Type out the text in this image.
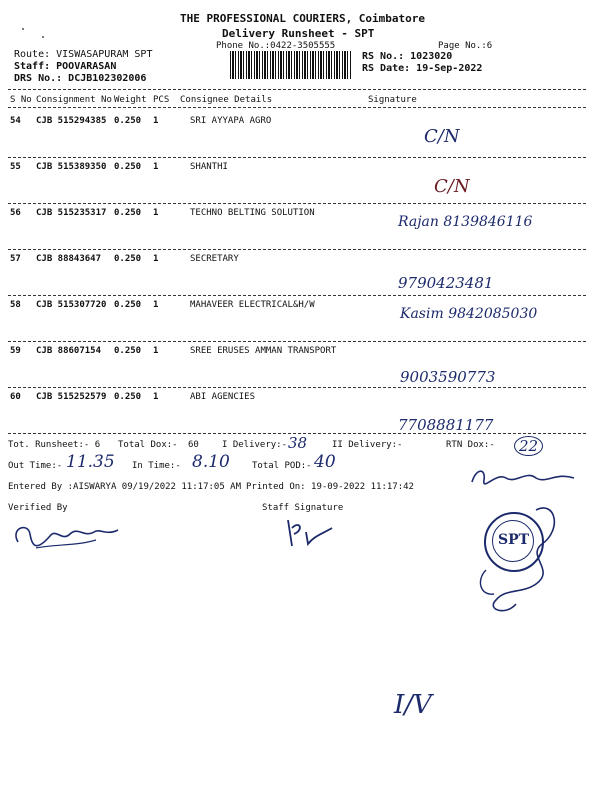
THE PROFESSIONAL COURIERS, Coimbatore
Delivery Runsheet - SPT
Phone No.:0422-3505555	Page No.:6
Route: VISWASAPURAM SPT
Staff: POOVARASAN
DRS No.: DCJB102302006
RS No.: 1023020
RS Date: 19-Sep-2022
S No Consignment No Weight PCS Consignee Details	Signature
54 CJB 515294385 0.250 1	SRI AYYAPA AGRO
C/N
55 CJB 515389350 0.250 1	SHANTHI
C/N
56 CJB 515235317 0.250 1	TECHNO BELTING SOLUTION
Rajan 8139846116
57 CJB 88843647 0.250 1	SECRETARY
9790423481
58 CJB 515307720 0.250 1	MAHAVEER ELECTRICAL&H/W
Kasim 9842085030
59 CJB 88607154 0.250 1	SREE ERUSES AMMAN TRANSPORT
9003590773
60 CJB 515252579 0.250 1	ABI AGENCIES
7708881177
Tot. Runsheet:- 6 Total Dox:- 60	I Delivery:- 38	II Delivery:-	RTN Dox:-	22
Out Time:- 11.35 In Time:- 8.10 Total POD:- 40
Entered By :AISWARYA 09/19/2022 11:17:05 AM Printed On: 19-09-2022 11:17:42
Verified By	Staff Signature
SPT
I/V
